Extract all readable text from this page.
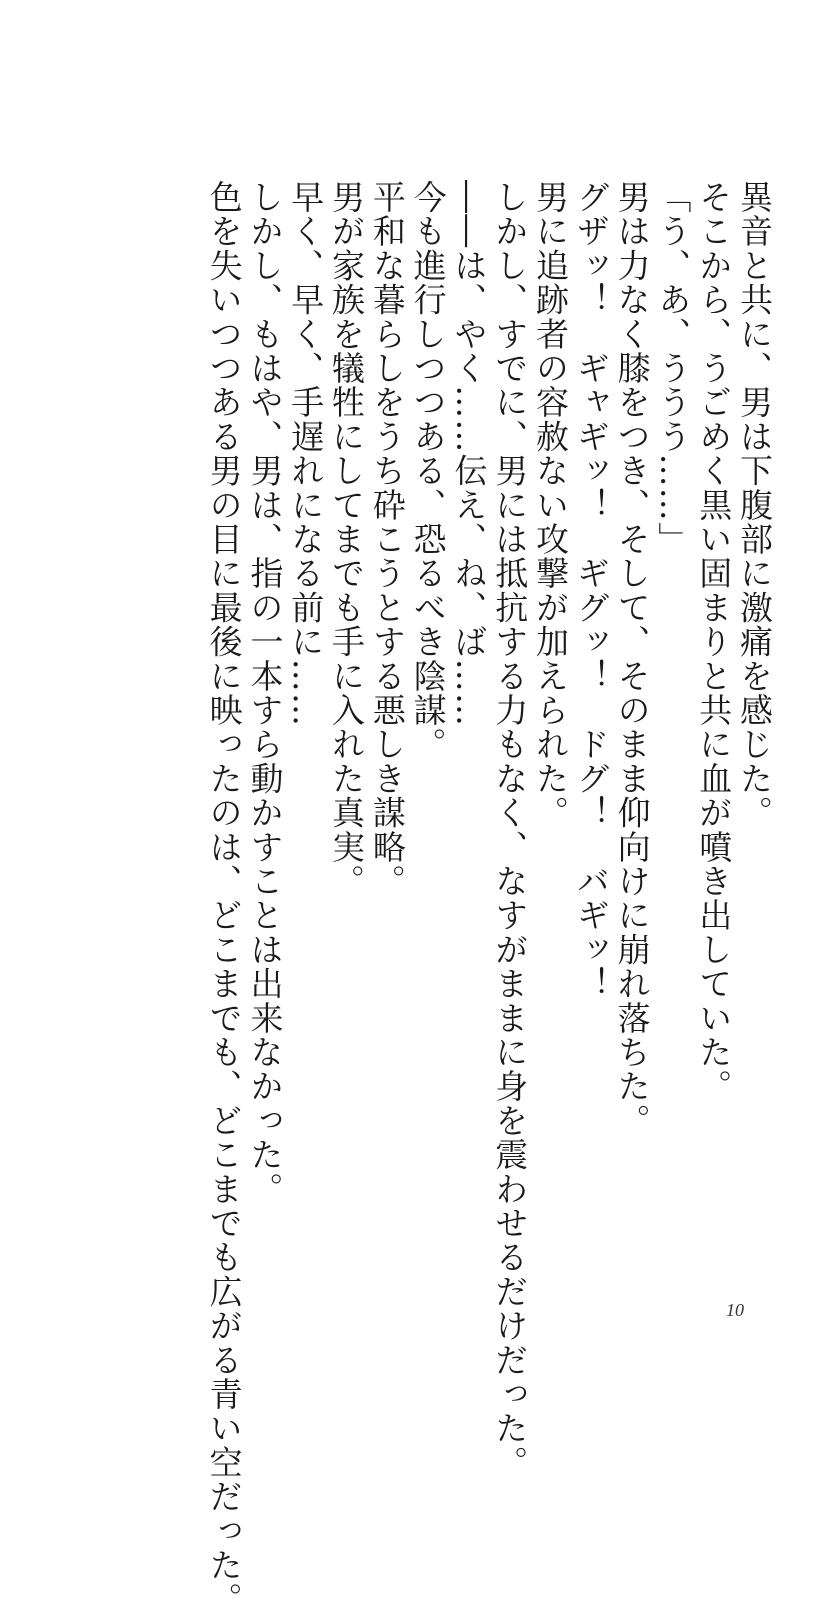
異音と共に、男は下腹部に激痛を感じた。
そこから、うごめく黒い固まりと共に血が噴き出していた。
「う、あ、ううう……」
男は力なく膝をつき、そして、そのまま仰向けに崩れ落ちた。
グザッ！　ギャギッ！　ギグッ！　ドグ！　バギッ！
男に追跡者の容赦ない攻撃が加えられた。
しかし、すでに、男には抵抗する力もなく、なすがままに身を震わせるだけだった。
――は、やく……伝え、ね、ば……
今も進行しつつある、恐るべき陰謀。
平和な暮らしをうち砕こうとする悪しき謀略。
男が家族を犠牲にしてまでも手に入れた真実。
早く、早く、手遅れになる前に……
しかし、もはや、男は、指の一本すら動かすことは出来なかった。
色を失いつつある男の目に最後に映ったのは、どこまでも、どこまでも広がる青い空だった。	10
